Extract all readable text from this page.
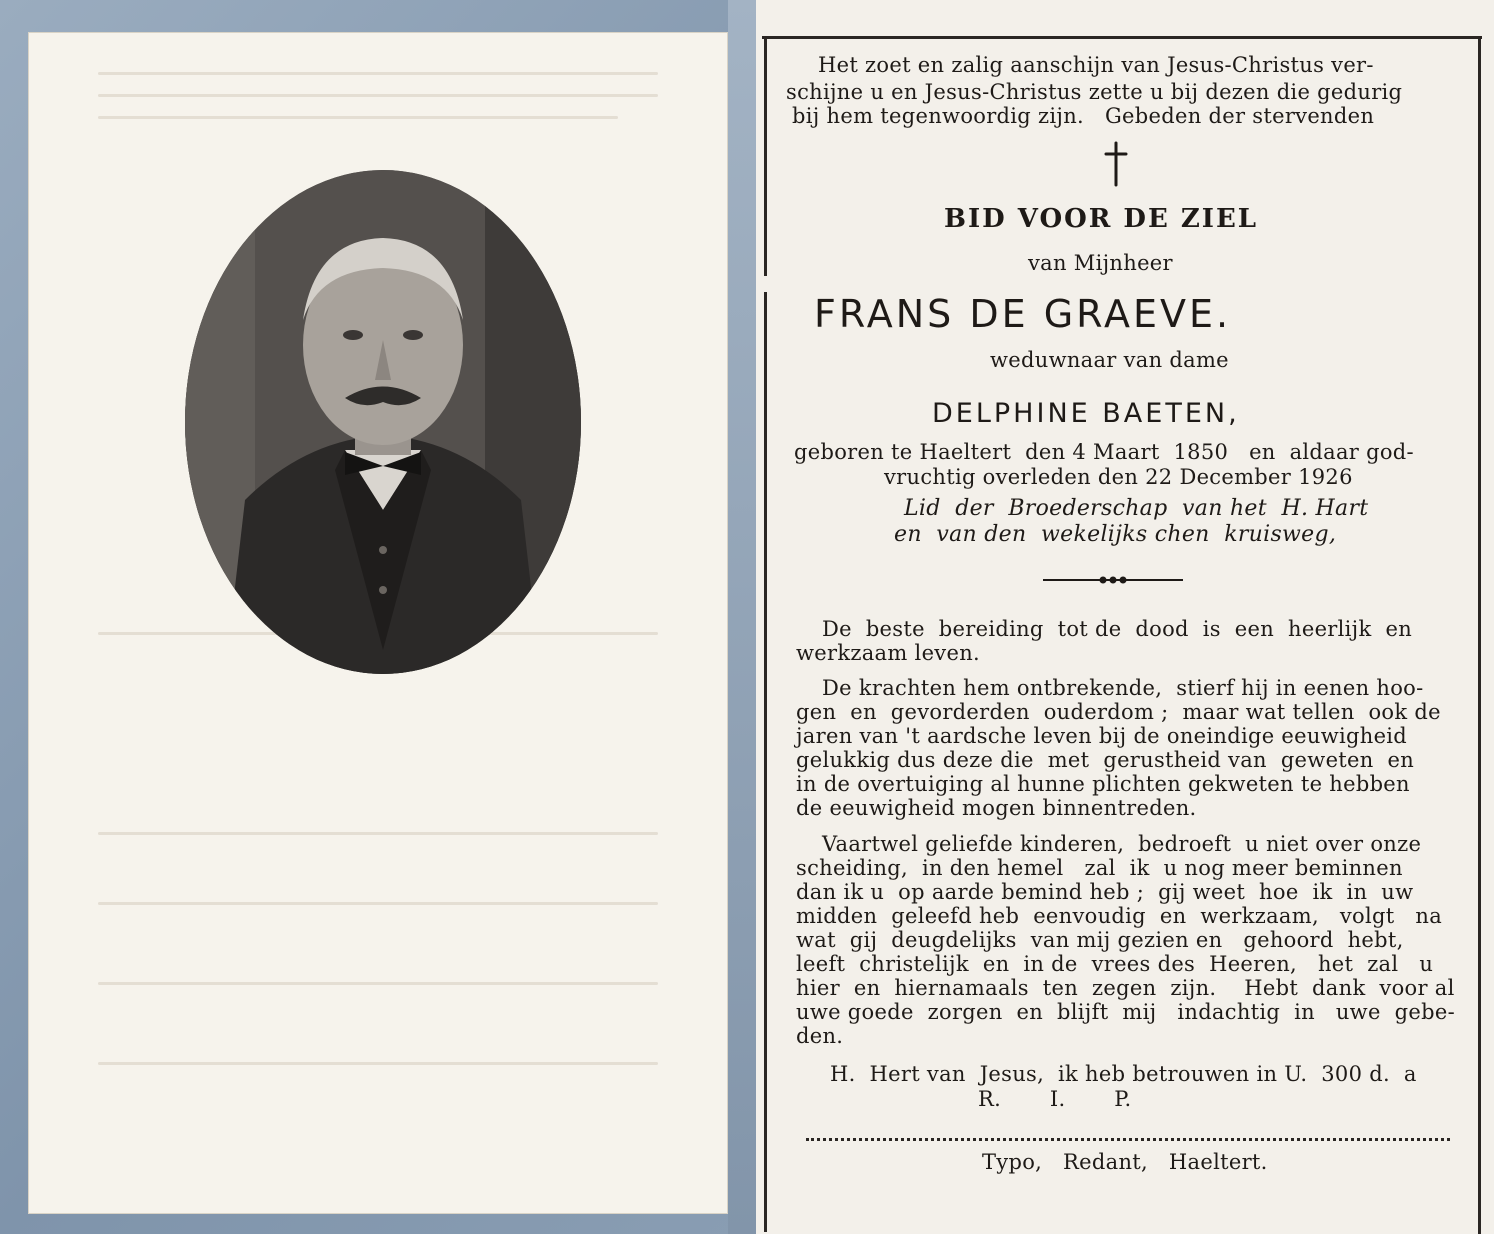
Het zoet en zalig aanschijn van Jesus-Christus ver-
schijne u en Jesus-Christus zette u bij dezen die gedurig
bij hem tegenwoordig zijn.   Gebeden der stervenden
BID VOOR DE ZIEL
van Mijnheer
FRANS DE GRAEVE.
weduwnaar van dame
DELPHINE BAETEN,
geboren te Haeltert  den 4 Maart  1850   en  aldaar god-
vruchtig overleden den 22 December 1926
Lid  der  Broederschap  van het  H. Hart
en  van den  wekelijks chen  kruisweg,
De  beste  bereiding  tot de  dood  is  een  heerlijk  en
werkzaam leven.
De krachten hem ontbrekende,  stierf hij in eenen hoo-
gen  en  gevorderden  ouderdom ;  maar wat tellen  ook de
jaren van 't aardsche leven bij de oneindige eeuwigheid
gelukkig dus deze die  met  gerustheid van  geweten  en
in de overtuiging al hunne plichten gekweten te hebben
de eeuwigheid mogen binnentreden.
Vaartwel geliefde kinderen,  bedroeft  u niet over onze
scheiding,  in den hemel   zal  ik  u nog meer beminnen
dan ik u  op aarde bemind heb ;  gij weet  hoe  ik  in  uw
midden  geleefd heb  eenvoudig  en  werkzaam,   volgt   na
wat  gij  deugdelijks  van mij gezien en   gehoord  hebt,
leeft  christelijk  en  in de  vrees des  Heeren,   het  zal   u
hier  en  hiernamaals  ten  zegen  zijn.    Hebt  dank  voor al
uwe goede  zorgen  en  blijft  mij   indachtig  in   uwe  gebe-
den.
H.  Hert van  Jesus,  ik heb betrouwen in U.  300 d.  a
R.       I.       P.
Typo,   Redant,   Haeltert.
